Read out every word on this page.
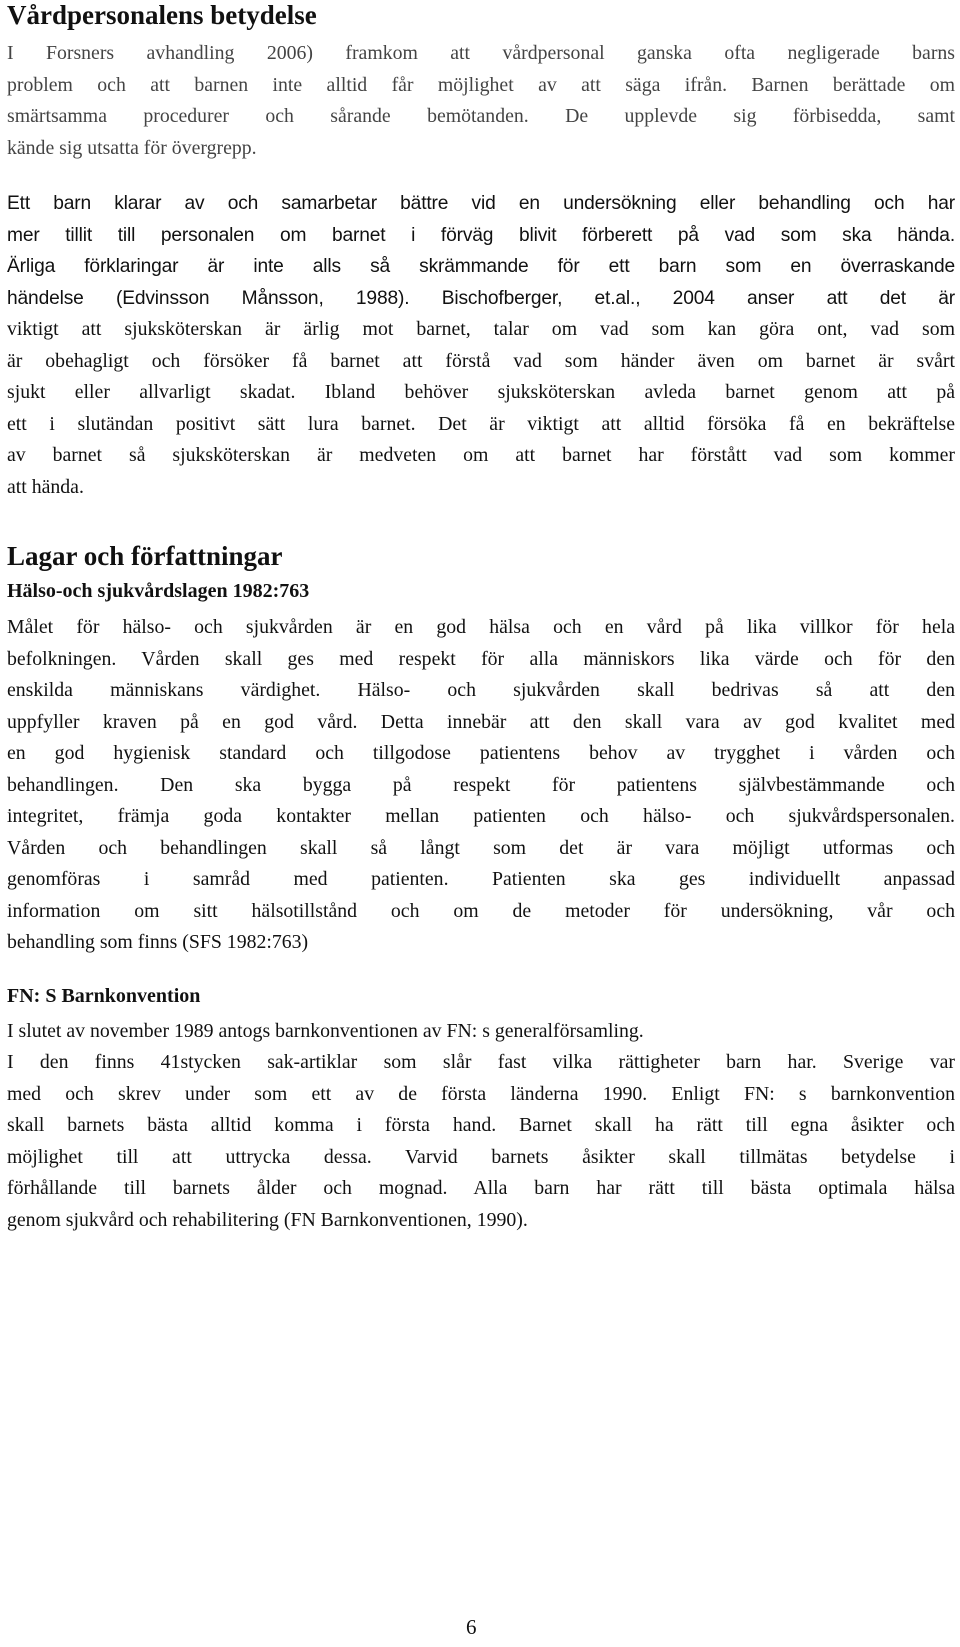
Vårdpersonalens betydelse
I Forsners avhandling 2006) framkom att vårdpersonal ganska ofta negligerade barns
problem och att barnen inte alltid får möjlighet av att säga ifrån. Barnen berättade om
smärtsamma procedurer och sårande bemötanden. De upplevde sig förbisedda, samt
kände sig utsatta för övergrepp.
Ett barn klarar av och samarbetar bättre vid en undersökning eller behandling och har
mer tillit till personalen om barnet i förväg blivit förberett på vad som ska hända.
Ärliga förklaringar är inte alls så skrämmande för ett barn som en överraskande
händelse (Edvinsson Månsson, 1988). Bischofberger, et.al., 2004 anser att det är
viktigt att sjuksköterskan är ärlig mot barnet, talar om vad som kan göra ont, vad som
är obehagligt och försöker få barnet att förstå vad som händer även om barnet är svårt
sjukt eller allvarligt skadat. Ibland behöver sjuksköterskan avleda barnet genom att på
ett i slutändan positivt sätt lura barnet. Det är viktigt att alltid försöka få en bekräftelse
av barnet så sjuksköterskan är medveten om att barnet har förstått vad som kommer
att hända.
Lagar och författningar
Hälso-och sjukvårdslagen 1982:763
Målet för hälso- och sjukvården är en god hälsa och en vård på lika villkor för hela
befolkningen. Vården skall ges med respekt för alla människors lika värde och för den
enskilda människans värdighet. Hälso- och sjukvården skall bedrivas så att den
uppfyller kraven på en god vård. Detta innebär att den skall vara av god kvalitet med
en god hygienisk standard och tillgodose patientens behov av trygghet i vården och
behandlingen. Den ska bygga på respekt för patientens självbestämmande och
integritet, främja goda kontakter mellan patienten och hälso- och sjukvårdspersonalen.
Vården och behandlingen skall så långt som det är vara möjligt utformas och
genomföras i samråd med patienten. Patienten ska ges individuellt anpassad
information om sitt hälsotillstånd och om de metoder för undersökning, vår och
behandling som finns (SFS 1982:763)
FN: S Barnkonvention
I slutet av november 1989 antogs barnkonventionen av FN: s generalförsamling.
I den finns 41stycken sak-artiklar som slår fast vilka rättigheter barn har. Sverige var
med och skrev under som ett av de första länderna 1990. Enligt FN: s barnkonvention
skall barnets bästa alltid komma i första hand. Barnet skall ha rätt till egna åsikter och
möjlighet till att uttrycka dessa. Varvid barnets åsikter skall tillmätas betydelse i
förhållande till barnets ålder och mognad. Alla barn har rätt till bästa optimala hälsa
genom sjukvård och rehabilitering (FN Barnkonventionen, 1990).
6
